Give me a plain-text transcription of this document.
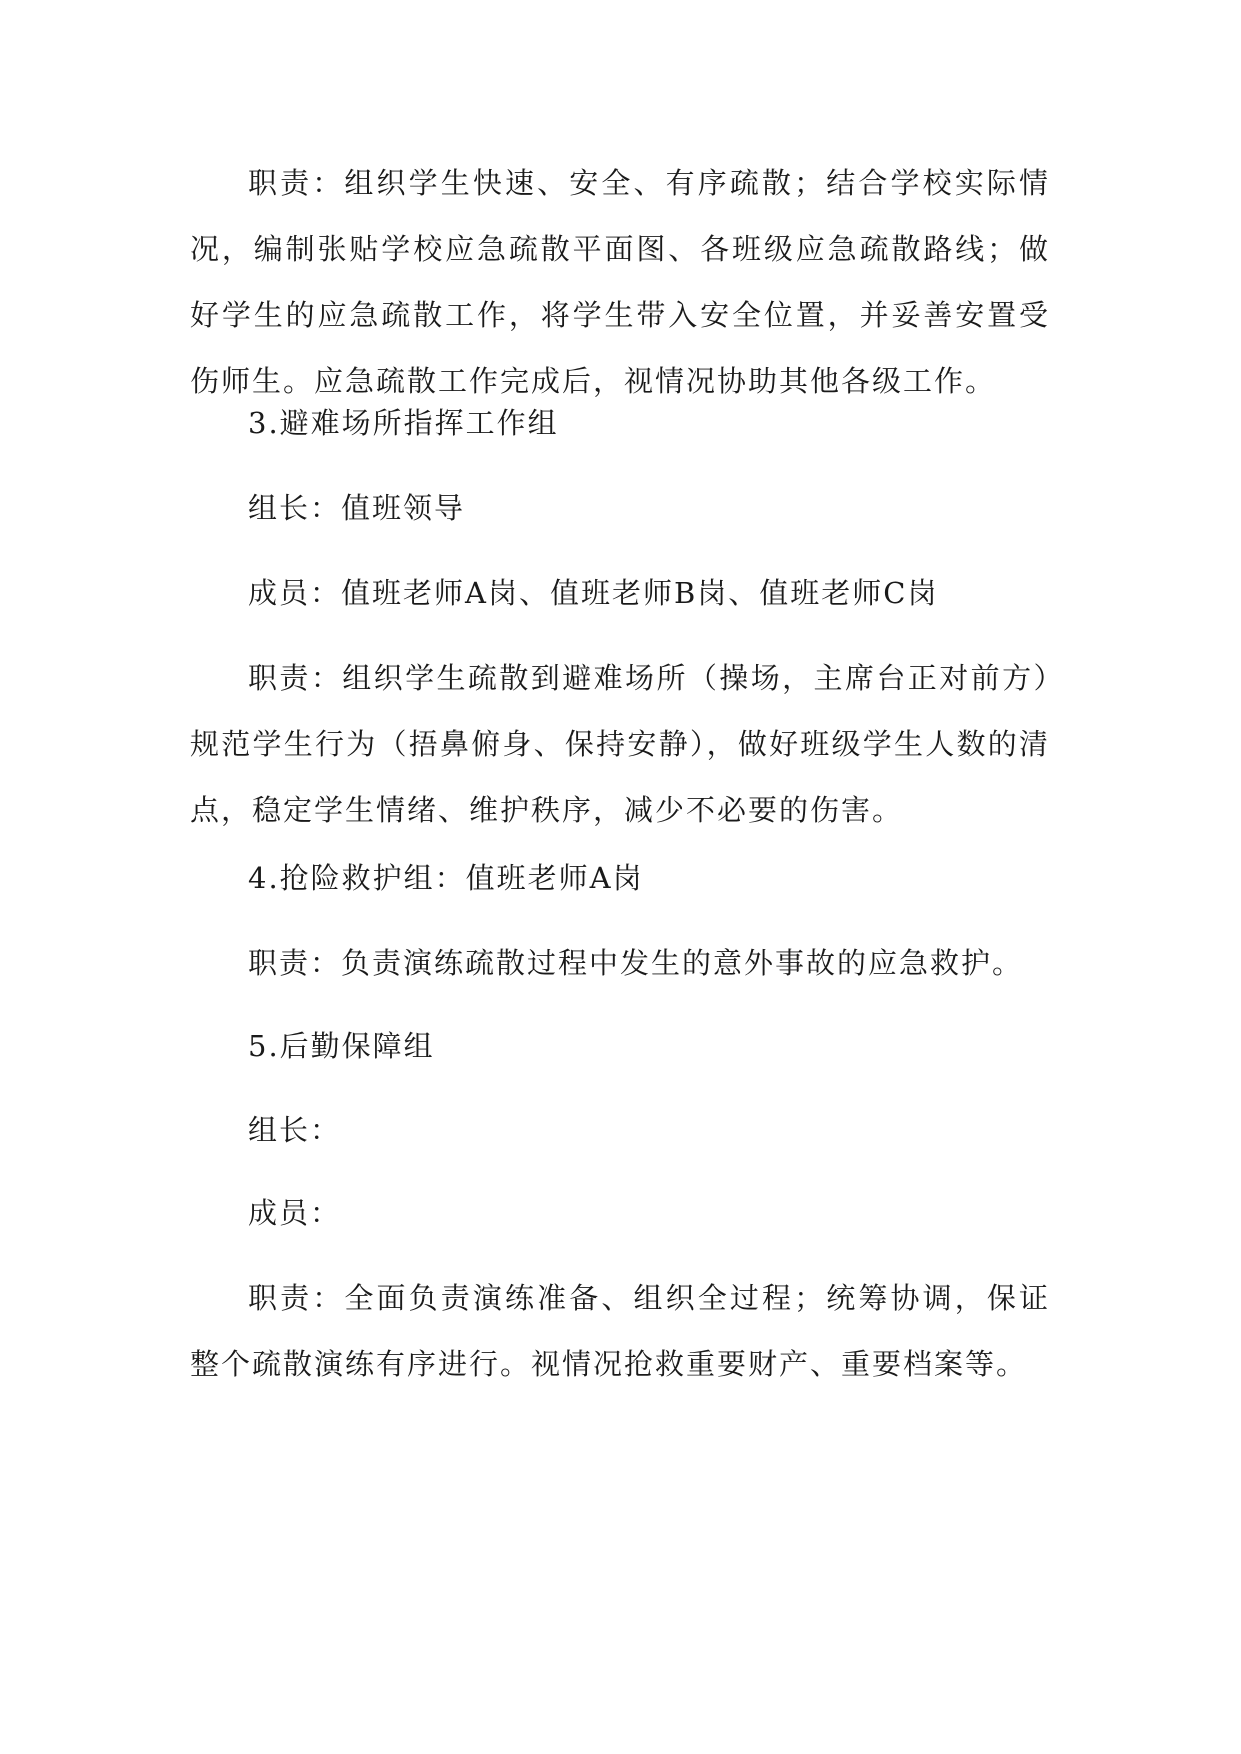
职责：组织学生快速、安全、有序疏散；结合学校实际情况，编制张贴学校应急疏散平面图、各班级应急疏散路线；做好学生的应急疏散工作，将学生带入安全位置，并妥善安置受伤师生。应急疏散工作完成后，视情况协助其他各级工作。

3.避难场所指挥工作组

组长：值班领导

成员：值班老师A岗、值班老师B岗、值班老师C岗

职责：组织学生疏散到避难场所（操场，主席台正对前方）规范学生行为（捂鼻俯身、保持安静），做好班级学生人数的清点，稳定学生情绪、维护秩序，减少不必要的伤害。

4.抢险救护组：值班老师A岗

职责：负责演练疏散过程中发生的意外事故的应急救护。

5.后勤保障组

组长：

成员：

职责：全面负责演练准备、组织全过程；统筹协调，保证整个疏散演练有序进行。视情况抢救重要财产、重要档案等。
